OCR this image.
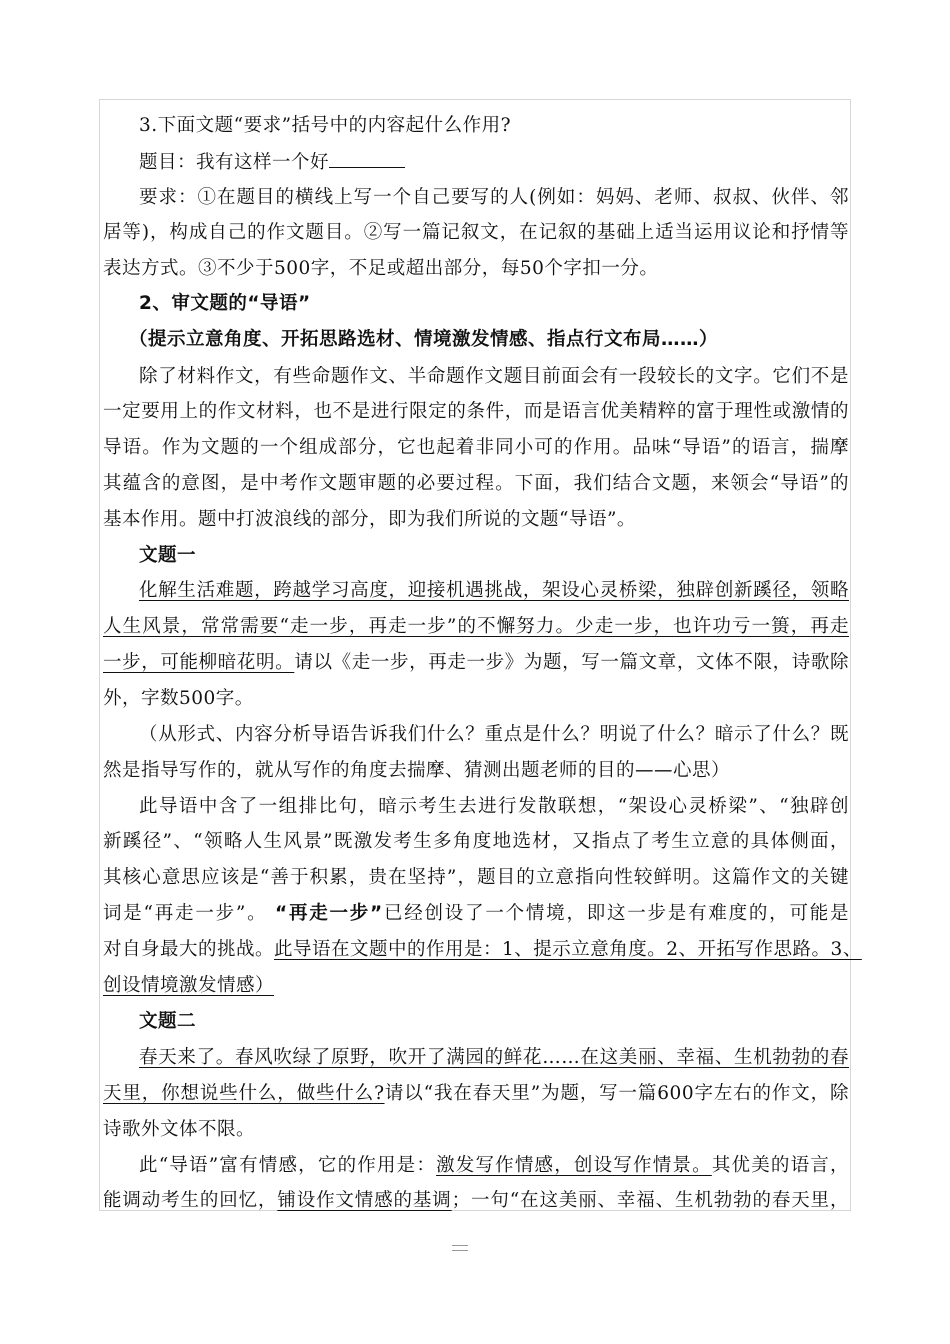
3.下面文题“要求”括号中的内容起什么作用?
题目：我有这样一个好
要求：①在题目的横线上写一个自己要写的人(例如：妈妈、老师、叔叔、伙伴、邻
居等)，构成自己的作文题目。②写一篇记叙文，在记叙的基础上适当运用议论和抒情等
表达方式。③不少于500字，不足或超出部分，每50个字扣一分。
2、审文题的“导语”
（提示立意角度、开拓思路选材、情境激发情感、指点行文布局……）
除了材料作文，有些命题作文、半命题作文题目前面会有一段较长的文字。它们不是
一定要用上的作文材料，也不是进行限定的条件，而是语言优美精粹的富于理性或激情的
导语。作为文题的一个组成部分，它也起着非同小可的作用。品味“导语”的语言，揣摩
其蕴含的意图，是中考作文题审题的必要过程。下面，我们结合文题，来领会“导语”的
基本作用。题中打波浪线的部分，即为我们所说的文题“导语”。
文题一
化解生活难题，跨越学习高度，迎接机遇挑战，架设心灵桥梁，独辟创新蹊径，领略
人生风景，常常需要“走一步，再走一步”的不懈努力。少走一步，也许功亏一篑，再走
一步，可能柳暗花明。请以《走一步，再走一步》为题，写一篇文章，文体不限，诗歌除
外，字数500字。
（从形式、内容分析导语告诉我们什么？重点是什么？明说了什么？暗示了什么？既
然是指导写作的，就从写作的角度去揣摩、猜测出题老师的目的——心思）
此导语中含了一组排比句，暗示考生去进行发散联想，“架设心灵桥梁”、“独辟创
新蹊径”、“领略人生风景”既激发考生多角度地选材，又指点了考生立意的具体侧面，
其核心意思应该是“善于积累，贵在坚持”，题目的立意指向性较鲜明。这篇作文的关键
词是“再走一步”。 “再走一步”已经创设了一个情境，即这一步是有难度的，可能是
对自身最大的挑战。此导语在文题中的作用是：1、提示立意角度。2、开拓写作思路。3、
创设情境激发情感）
文题二
春天来了。春风吹绿了原野，吹开了满园的鲜花……在这美丽、幸福、生机勃勃的春
天里，你想说些什么，做些什么?请以“我在春天里”为题，写一篇600字左右的作文，除
诗歌外文体不限。
此“导语”富有情感，它的作用是：激发写作情感，创设写作情景。其优美的语言，
能调动考生的回忆，铺设作文情感的基调；一句“在这美丽、幸福、生机勃勃的春天里，
